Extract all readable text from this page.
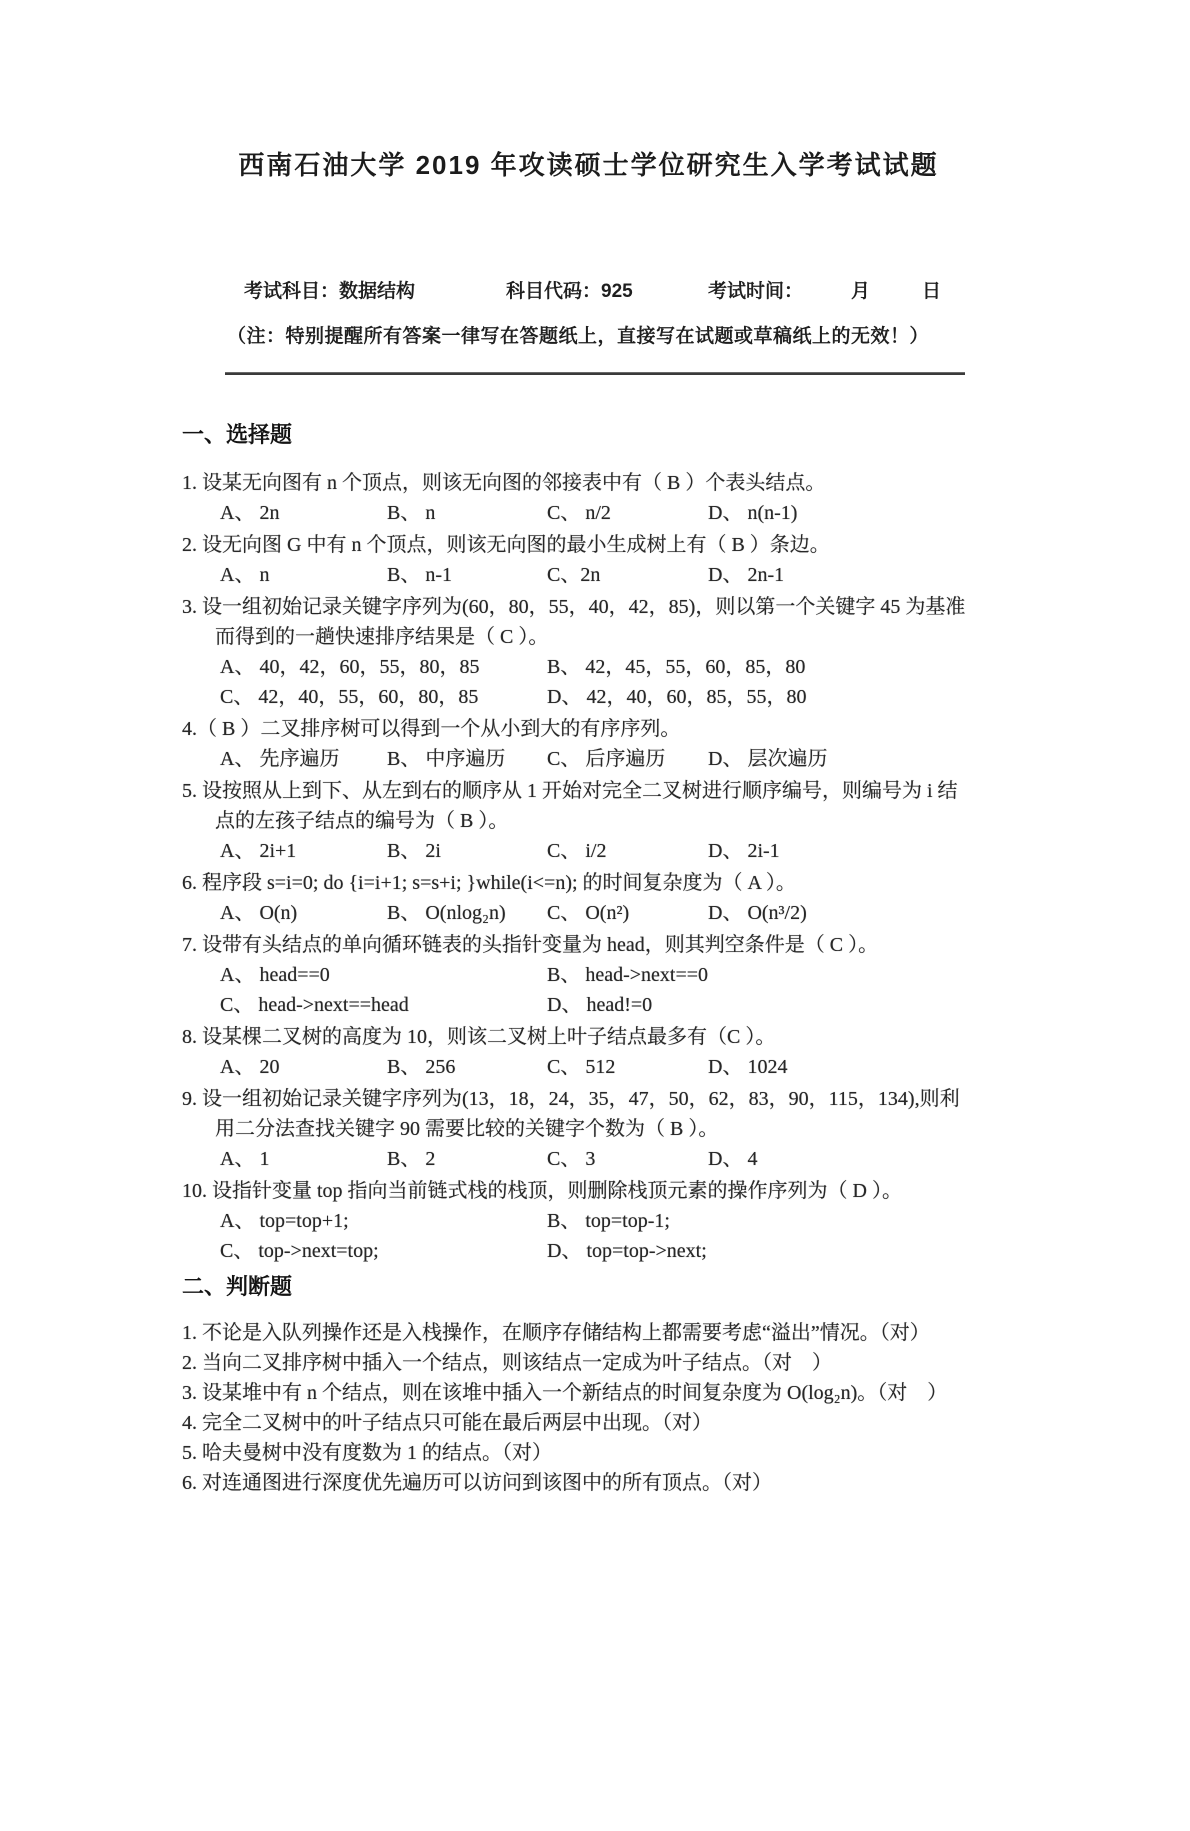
西南石油大学 2019 年攻读硕士学位研究生入学考试试题
考试科目：数据结构	科目代码：925	考试时间：	月	日
（注：特别提醒所有答案一律写在答题纸上，直接写在试题或草稿纸上的无效！）
一、选择题
1. 设某无向图有 n 个顶点，则该无向图的邻接表中有（ B ）个表头结点。
A、 2n	B、 n	C、 n/2	D、 n(n-1)
2. 设无向图 G 中有 n 个顶点，则该无向图的最小生成树上有（ B ）条边。
A、 n	B、 n-1	C、2n	D、 2n-1
3. 设一组初始记录关键字序列为(60，80，55，40，42，85)，则以第一个关键字 45 为基准
而得到的一趟快速排序结果是（ C ）。
A、 40，42，60，55，80，85	B、 42，45，55，60，85，80
C、 42，40，55，60，80，85	D、 42，40，60，85，55，80
4.（ B ）二叉排序树可以得到一个从小到大的有序序列。
A、 先序遍历	B、 中序遍历	C、 后序遍历	D、 层次遍历
5. 设按照从上到下、从左到右的顺序从 1 开始对完全二叉树进行顺序编号，则编号为 i 结
点的左孩子结点的编号为（ B ）。
A、 2i+1	B、 2i	C、 i/2	D、 2i-1
6. 程序段 s=i=0; do {i=i+1; s=s+i; }while(i<=n); 的时间复杂度为（ A ）。
A、 O(n)	B、 O(nlog₂n)	C、 O(n²)	D、 O(n³/2)
7. 设带有头结点的单向循环链表的头指针变量为 head，则其判空条件是（ C ）。
A、 head==0	B、 head->next==0
C、 head->next==head	D、 head!=0
8. 设某棵二叉树的高度为 10，则该二叉树上叶子结点最多有（C ）。
A、 20	B、 256	C、 512	D、 1024
9. 设一组初始记录关键字序列为(13，18，24，35，47，50，62，83，90，115，134),则利
用二分法查找关键字 90 需要比较的关键字个数为（ B ）。
A、 1	B、 2	C、 3	D、 4
10. 设指针变量 top 指向当前链式栈的栈顶，则删除栈顶元素的操作序列为（ D ）。
A、 top=top+1;	B、 top=top-1;
C、 top->next=top;	D、 top=top->next;
二、判断题
1. 不论是入队列操作还是入栈操作，在顺序存储结构上都需要考虑“溢出”情况。（对）
2. 当向二叉排序树中插入一个结点，则该结点一定成为叶子结点。（对　）
3. 设某堆中有 n 个结点，则在该堆中插入一个新结点的时间复杂度为 O(log₂n)。（对　）
4. 完全二叉树中的叶子结点只可能在最后两层中出现。（对）
5. 哈夫曼树中没有度数为 1 的结点。（对）
6. 对连通图进行深度优先遍历可以访问到该图中的所有顶点。（对）
